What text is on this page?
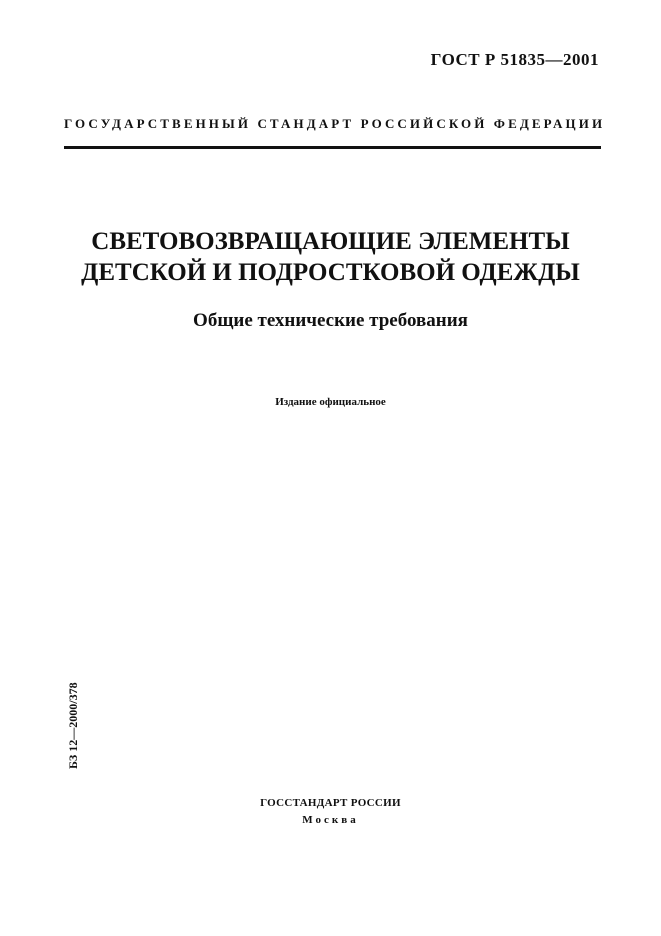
ГОСТ Р 51835—2001
ГОСУДАРСТВЕННЫЙ СТАНДАРТ РОССИЙСКОЙ ФЕДЕРАЦИИ
СВЕТОВОЗВРАЩАЮЩИЕ ЭЛЕМЕНТЫ
ДЕТСКОЙ И ПОДРОСТКОВОЙ ОДЕЖДЫ
Общие технические требования
Издание официальное
БЗ 12—2000/378
ГОССТАНДАРТ РОССИИ
Москва
